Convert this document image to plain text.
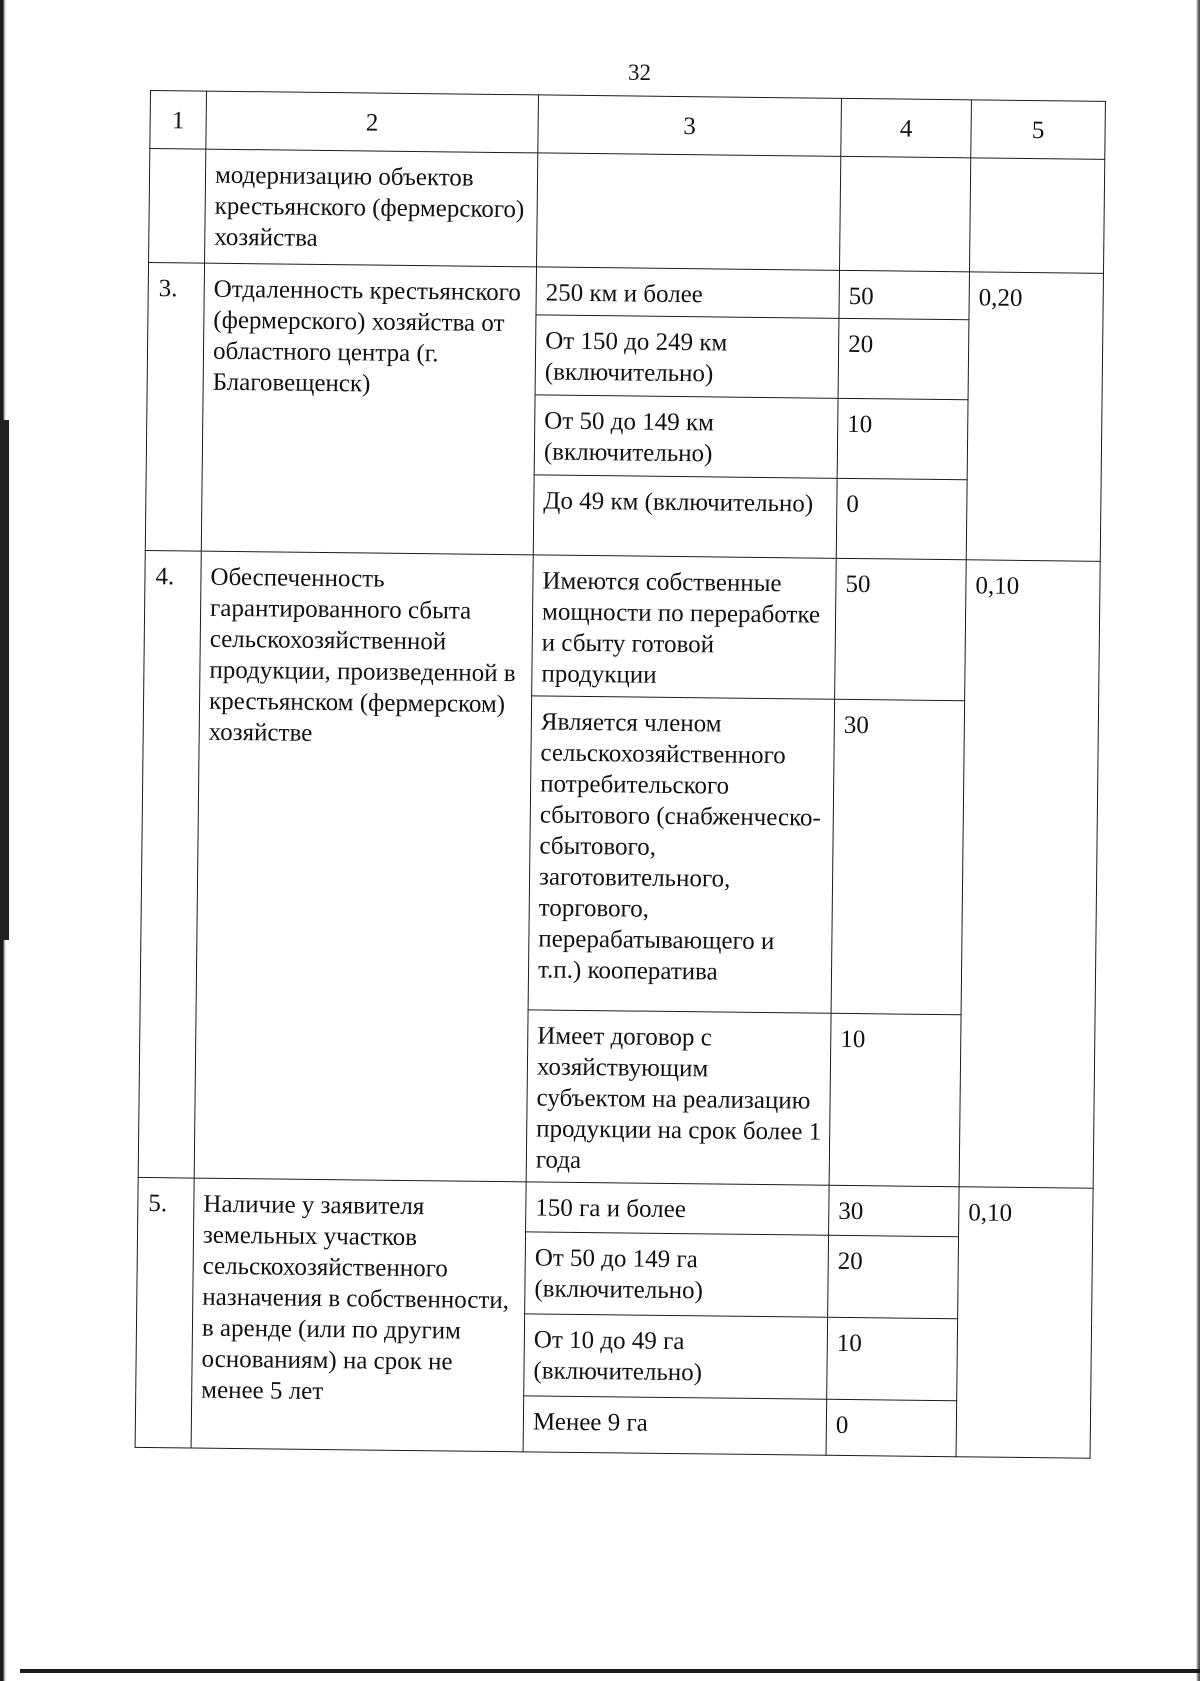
32
1	2	3	4	5
	модернизацию объектов крестьянского (фермерского) хозяйства			
3.	Отдаленность крестьянского (фермерского) хозяйства от областного центра (г. Благовещенск)	250 км и более	50	0,20
		От 150 до 249 км (включительно)	20	
		От 50 до 149 км (включительно)	10	
		До 49 км (включительно)	0	
4.	Обеспеченность гарантированного сбыта сельскохозяйственной продукции, произведенной в крестьянском (фермерском) хозяйстве	Имеются собственные мощности по переработке и сбыту готовой продукции	50	0,10
		Является членом сельскохозяйственного потребительского сбытового (снабженческо-сбытового, заготовительного, торгового, перерабатывающего и т.п.) кооператива	30	
		Имеет договор с хозяйствующим субъектом на реализацию продукции на срок более 1 года	10	
5.	Наличие у заявителя земельных участков сельскохозяйственного назначения в собственности, в аренде (или по другим основаниям) на срок не менее 5 лет	150 га и более	30	0,10
		От 50 до 149 га (включительно)	20	
		От 10 до 49 га (включительно)	10	
		Менее 9 га	0	
